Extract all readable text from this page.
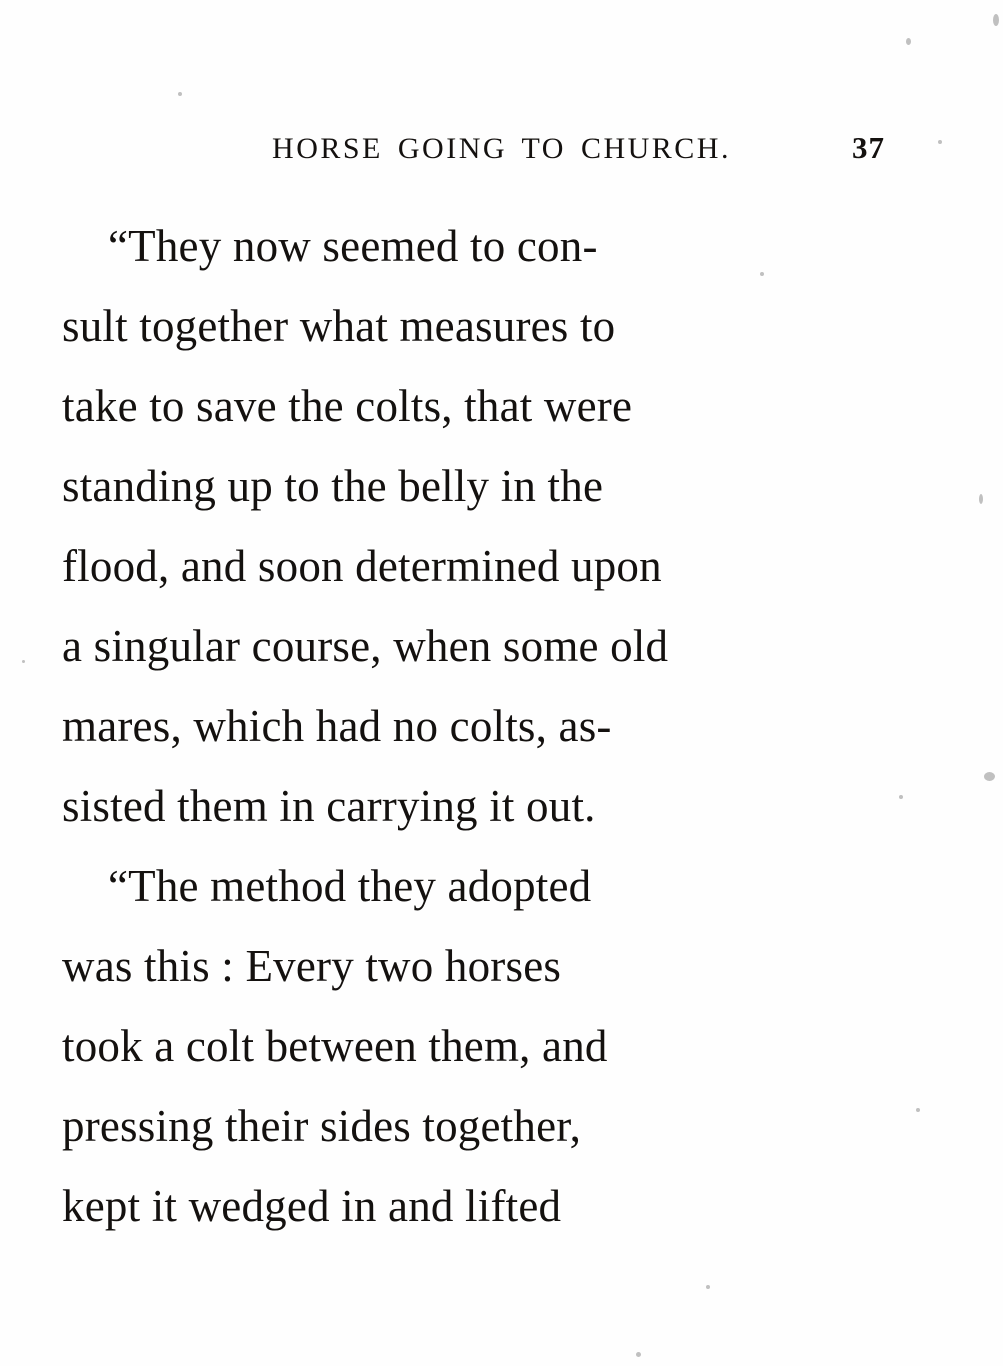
HORSE GOING TO CHURCH.	37
“They now seemed to con-
sult together what measures to
take to save the colts, that were
standing up to the belly in the
flood, and soon determined upon
a singular course, when some old
mares, which had no colts, as-
sisted them in carrying it out.
“The method they adopted
was this : Every two horses
took a colt between them, and
pressing their sides together,
kept it wedged in and lifted
